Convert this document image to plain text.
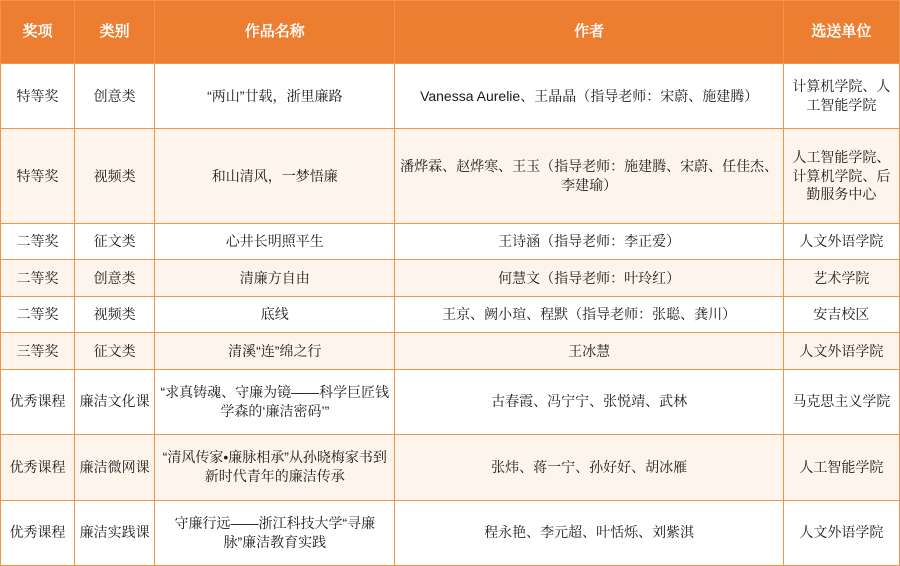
奖项	类别	作品名称	作者	选送单位
特等奖	创意类	“两山”廿载，浙里廉路	Vanessa Aurelie、王晶晶（指导老师：宋蔚、施建腾）	计算机学院、人工智能学院
特等奖	视频类	和山清风，一梦悟廉	潘烨霖、赵烨寒、王玉（指导老师：施建腾、宋蔚、任佳杰、李建瑜）	人工智能学院、计算机学院、后勤服务中心
二等奖	征文类	心井长明照平生	王诗涵（指导老师：李正爱）	人文外语学院
二等奖	创意类	清廉方自由	何慧文（指导老师：叶玲红）	艺术学院
二等奖	视频类	底线	王京、阙小瑄、程默（指导老师：张聪、龚川）	安吉校区
三等奖	征文类	清溪“连”绵之行	王冰慧	人文外语学院
优秀课程	廉洁文化课	“求真铸魂、守廉为镜——科学巨匠钱学森的‘廉洁密码’”	古春霞、冯宁宁、张悦靖、武林	马克思主义学院
优秀课程	廉洁微网课	“清风传家•廉脉相承”从孙晓梅家书到新时代青年的廉洁传承	张炜、蒋一宁、孙好好、胡冰雁	人工智能学院
优秀课程	廉洁实践课	守廉行远——浙江科技大学“寻廉脉”廉洁教育实践	程永艳、李元超、叶恬烁、刘紫淇	人文外语学院
